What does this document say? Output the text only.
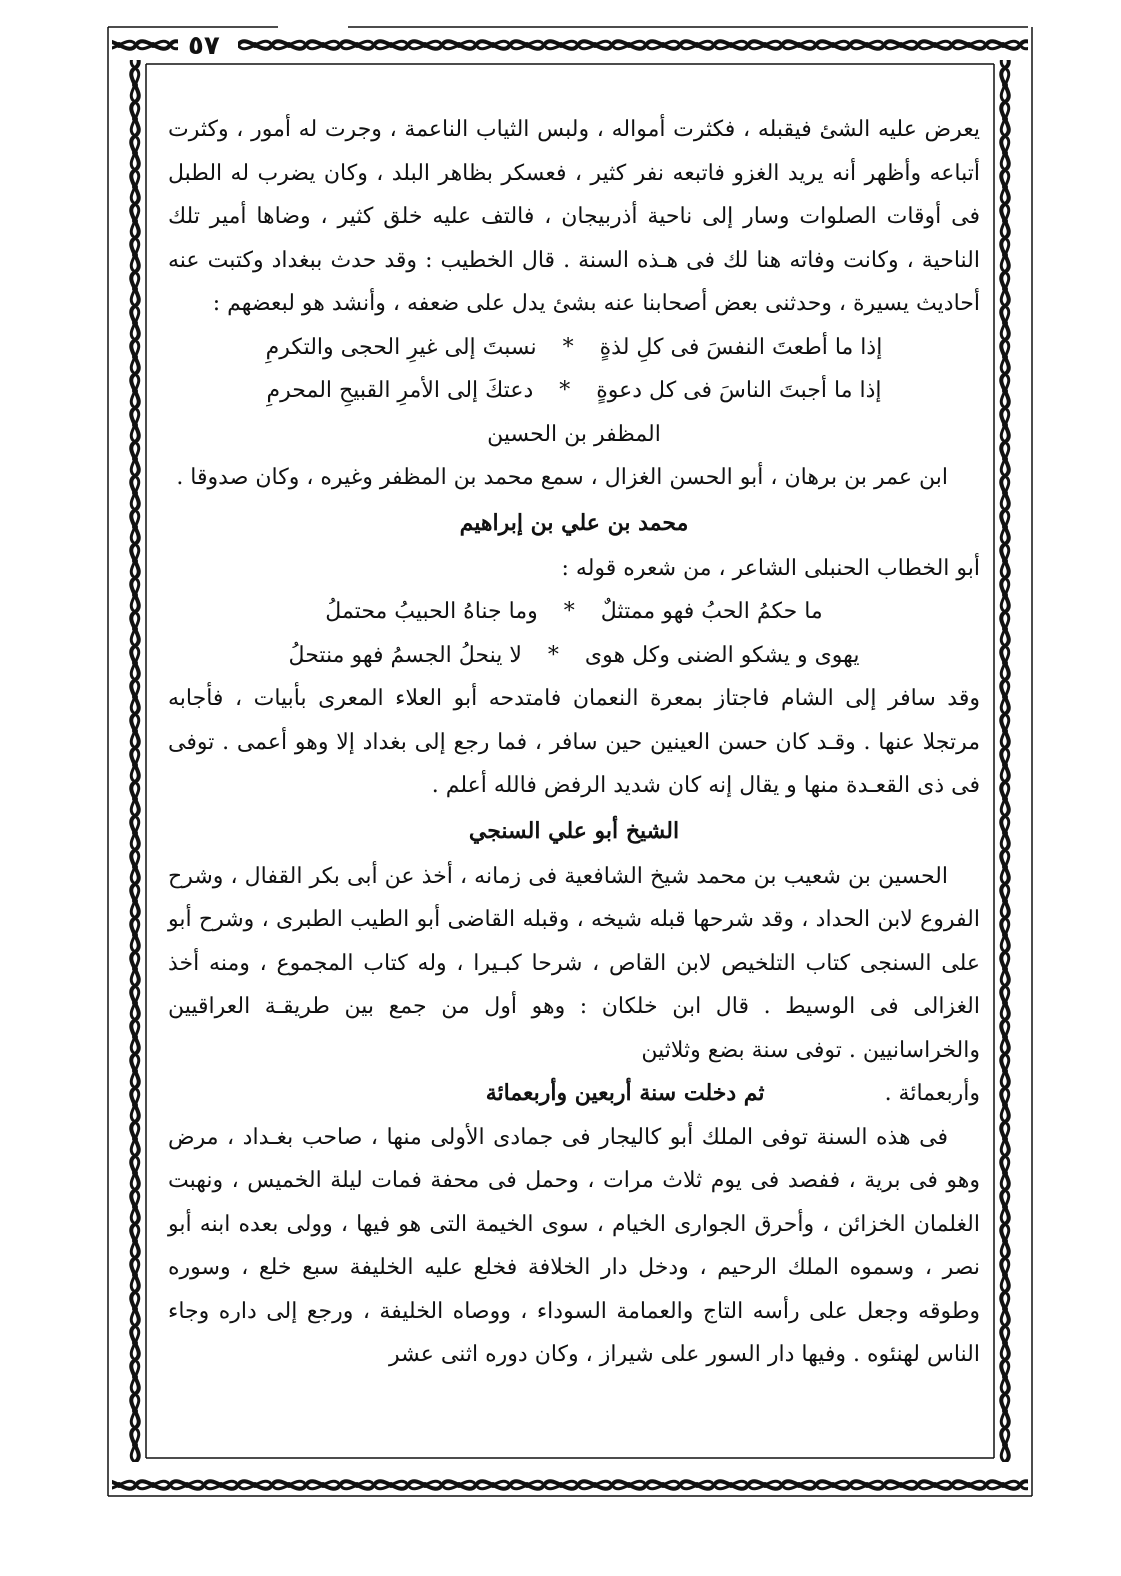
٥٧

يعرض عليه الشئ فيقبله ، فكثرت أمواله ، ولبس الثياب الناعمة ، وجرت له أمور ، وكثرت أتباعه وأظهر أنه يريد الغزو فاتبعه نفر كثير ، فعسكر بظاهر البلد ، وكان يضرب له الطبل فى أوقات الصلوات وسار إلى ناحية أذربيجان ، فالتف عليه خلق كثير ، وضاها أمير تلك الناحية ، وكانت وفاته هنا لك فى هـذه السنة . قال الخطيب : وقد حدث ببغداد وكتبت عنه أحاديث يسيرة ، وحدثنى بعض أصحابنا عنه بشئ يدل على ضعفه ، وأنشد هو لبعضهم :

إذا ما أطعتَ النفسَ فى كلِ لذةٍ
*
نسبتَ إلى غيرِ الحجى والتكرمِ
إذا ما أجبتَ الناسَ فى كل دعوةٍ
*
دعتكَ إلى الأمرِ القبيحِ المحرمِ

المظفر بن الحسين

ابن عمر بن برهان ، أبو الحسن الغزال ، سمع محمد بن المظفر وغيره ، وكان صدوقا .

محمد بن علي بن إبراهيم

أبو الخطاب الحنبلى الشاعر ، من شعره قوله :

ما حكمُ الحبُ فهو ممتثلٌ
*
وما جناهُ الحبيبُ محتملُ
يهوى و يشكو الضنى وكل هوى
*
لا ينحلُ الجسمُ فهو منتحلُ

وقد سافر إلى الشام فاجتاز بمعرة النعمان فامتدحه أبو العلاء المعرى بأبيات ، فأجابه مرتجلا عنها . وقـد كان حسن العينين حين سافر ، فما رجع إلى بغداد إلا وهو أعمى . توفى فى ذى القعـدة منها و يقال إنه كان شديد الرفض فالله أعلم .

الشيخ أبو علي السنجي

الحسين بن شعيب بن محمد شيخ الشافعية فى زمانه ، أخذ عن أبى بكر القفال ، وشرح الفروع لابن الحداد ، وقد شرحها قبله شيخه ، وقبله القاضى أبو الطيب الطبرى ، وشرح أبو على السنجى كتاب التلخيص لابن القاص ، شرحا كبـيرا ، وله كتاب المجموع ، ومنه أخذ الغزالى فى الوسيط . قال ابن خلكان : وهو أول من جمع بين طريقـة العراقيين والخراسانيين . توفى سنة بضع وثلاثين

وأربعمائة .
ثم دخلت سنة أربعين وأربعمائة

فى هذه السنة توفى الملك أبو كاليجار فى جمادى الأولى منها ، صاحب بغـداد ، مرض وهو فى برية ، ففصد فى يوم ثلاث مرات ، وحمل فى محفة فمات ليلة الخميس ، ونهبت الغلمان الخزائن ، وأحرق الجوارى الخيام ، سوى الخيمة التى هو فيها ، وولى بعده ابنه أبو نصر ، وسموه الملك الرحيم ، ودخل دار الخلافة فخلع عليه الخليفة سبع خلع ، وسوره وطوقه وجعل على رأسه التاج والعمامة السوداء ، ووصاه الخليفة ، ورجع إلى داره وجاء الناس لهنئوه . وفيها دار السور على شيراز ، وكان دوره اثنى عشر
